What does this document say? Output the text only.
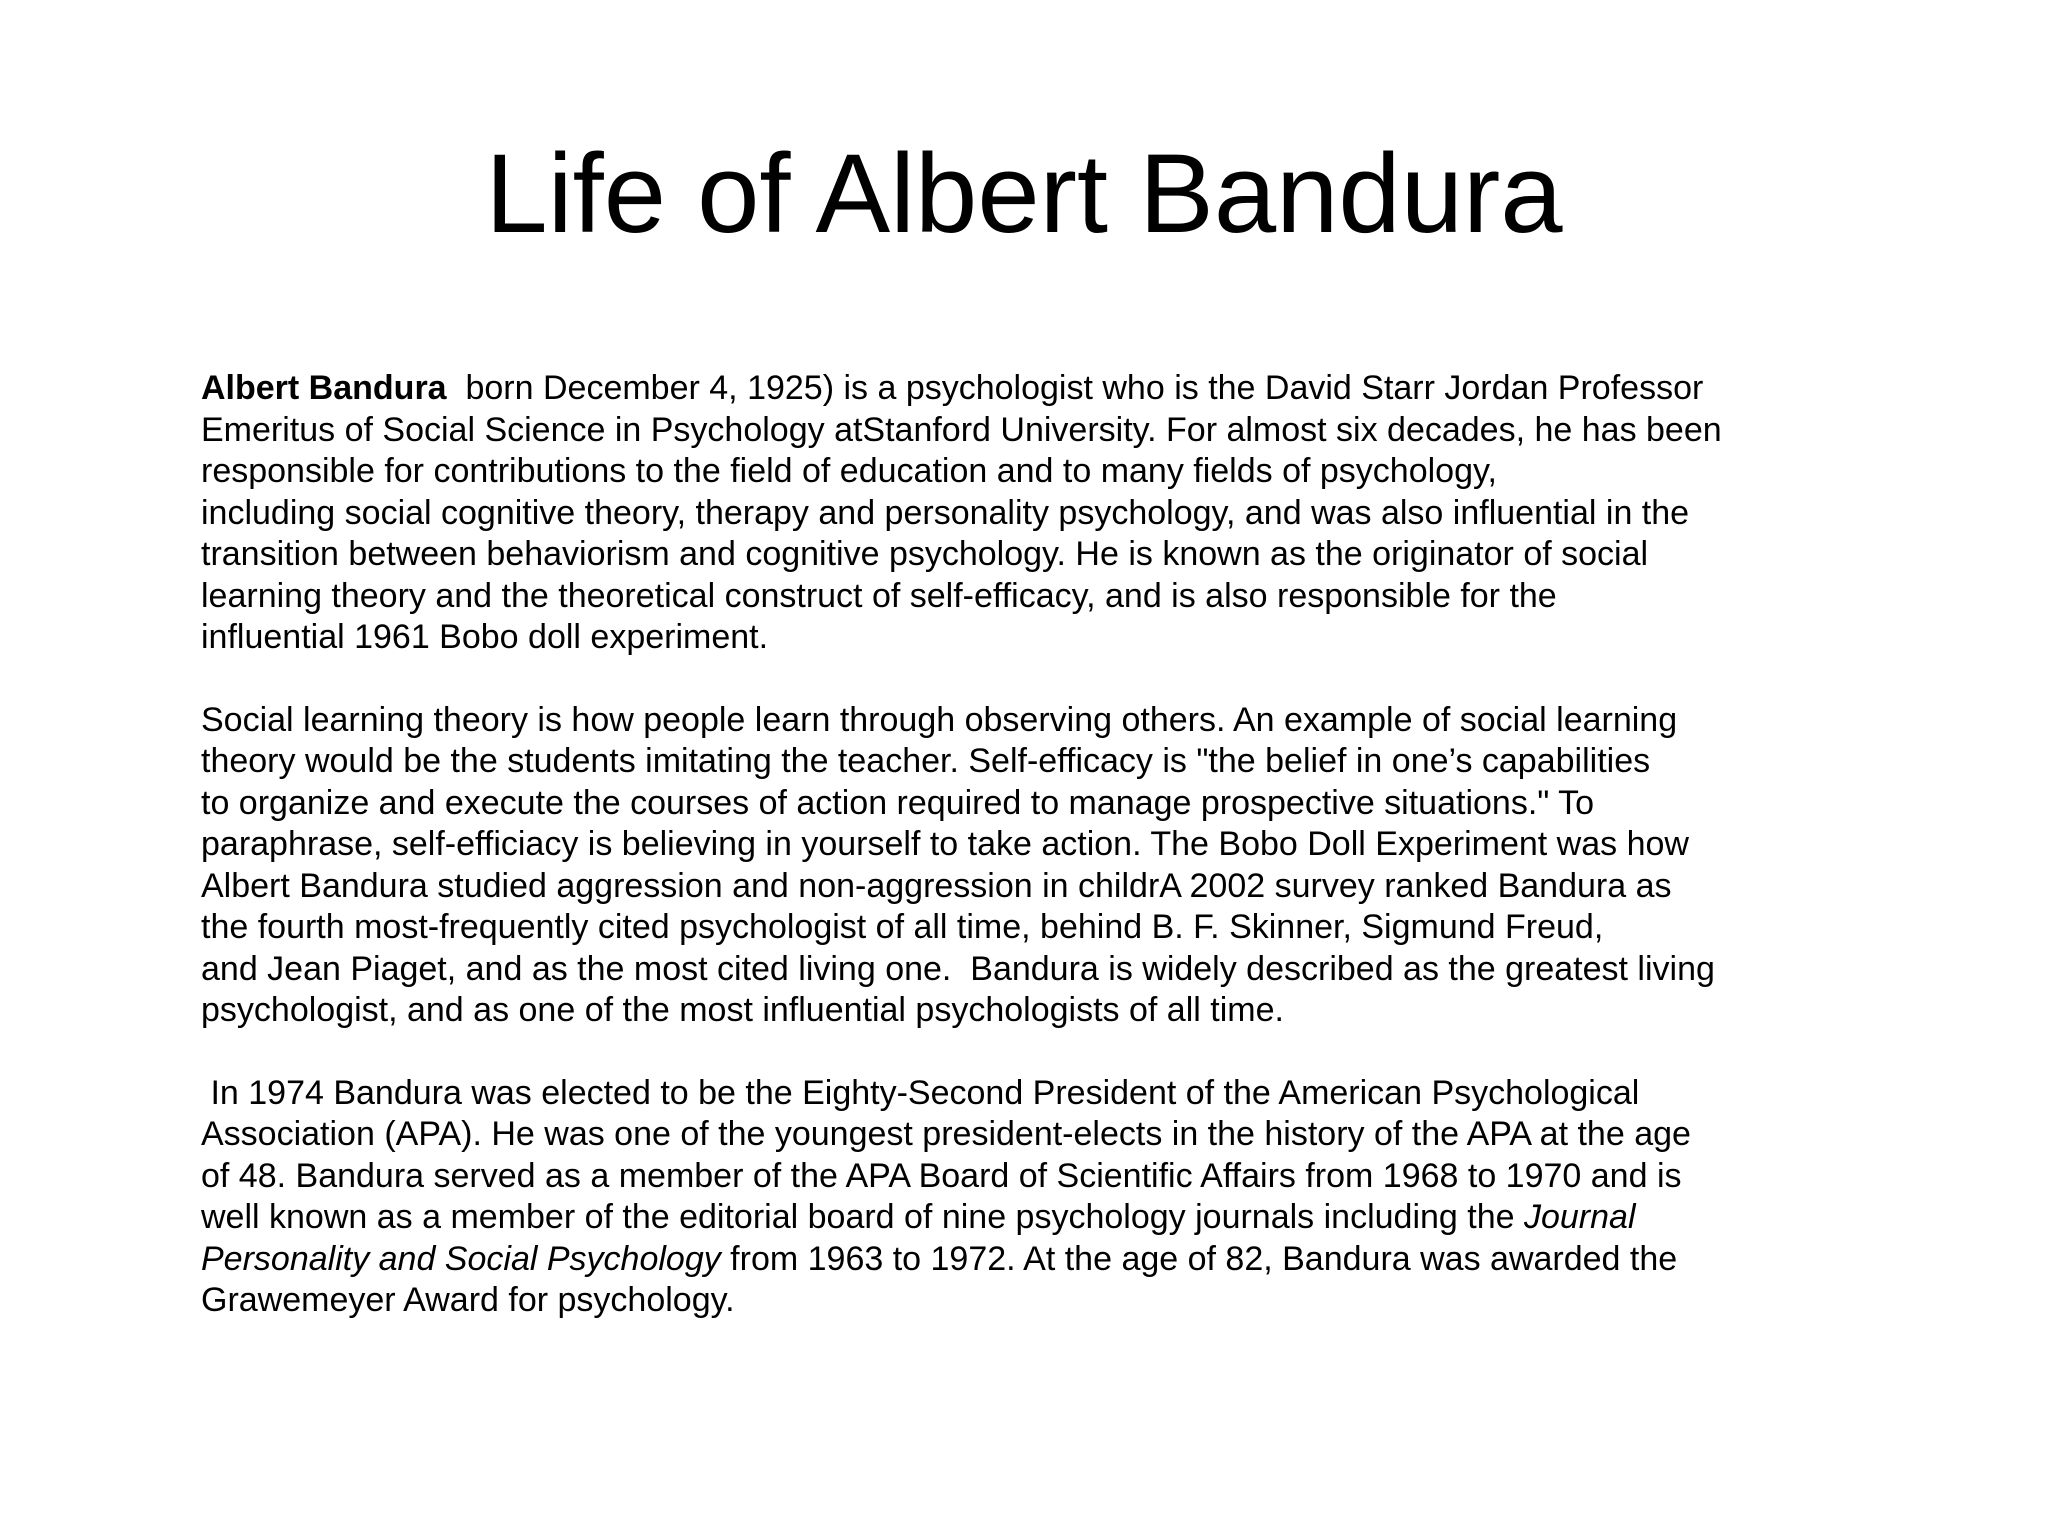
Life of Albert Bandura

Albert Bandura  born December 4, 1925) is a psychologist who is the David Starr Jordan Professor
Emeritus of Social Science in Psychology atStanford University. For almost six decades, he has been
responsible for contributions to the field of education and to many fields of psychology,
including social cognitive theory, therapy and personality psychology, and was also influential in the
transition between behaviorism and cognitive psychology. He is known as the originator of social
learning theory and the theoretical construct of self-efficacy, and is also responsible for the
influential 1961 Bobo doll experiment.

Social learning theory is how people learn through observing others. An example of social learning
theory would be the students imitating the teacher. Self-efficacy is "the belief in one’s capabilities
to organize and execute the courses of action required to manage prospective situations." To
paraphrase, self-efficiacy is believing in yourself to take action. The Bobo Doll Experiment was how
Albert Bandura studied aggression and non-aggression in childrA 2002 survey ranked Bandura as
the fourth most-frequently cited psychologist of all time, behind B. F. Skinner, Sigmund Freud,
and Jean Piaget, and as the most cited living one.  Bandura is widely described as the greatest living
psychologist, and as one of the most influential psychologists of all time.

In 1974 Bandura was elected to be the Eighty-Second President of the American Psychological
Association (APA). He was one of the youngest president-elects in the history of the APA at the age
of 48. Bandura served as a member of the APA Board of Scientific Affairs from 1968 to 1970 and is
well known as a member of the editorial board of nine psychology journals including the Journal
Personality and Social Psychology from 1963 to 1972. At the age of 82, Bandura was awarded the
Grawemeyer Award for psychology.
